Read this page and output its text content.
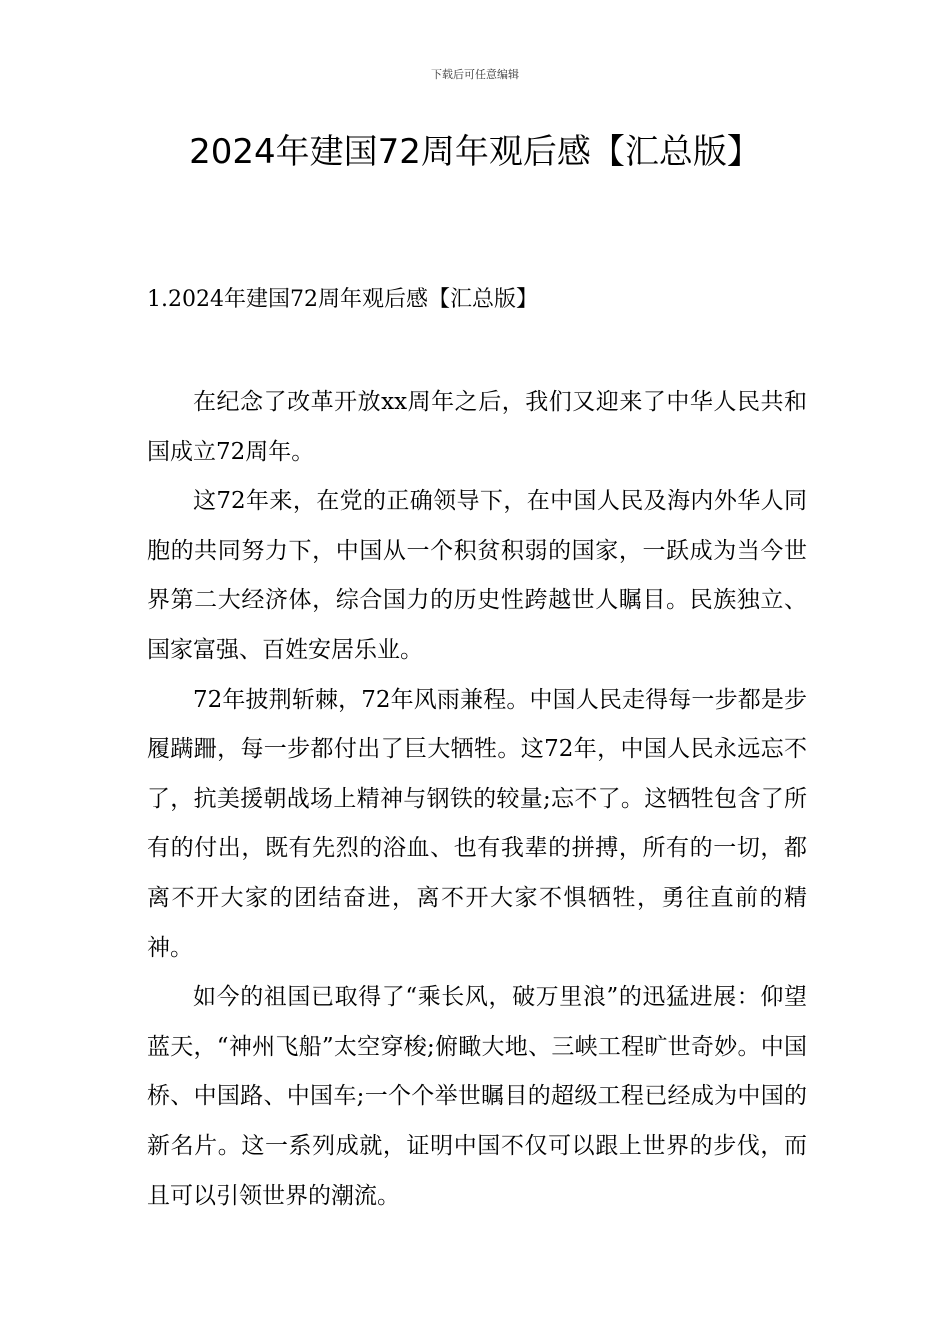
下载后可任意编辑
2024年建国72周年观后感【汇总版】
1.2024年建国72周年观后感【汇总版】

在纪念了改革开放xx周年之后，我们又迎来了中华人民共和国成立72周年。

这72年来，在党的正确领导下，在中国人民及海内外华人同胞的共同努力下，中国从一个积贫积弱的国家，一跃成为当今世界第二大经济体，综合国力的历史性跨越世人瞩目。民族独立、国家富强、百姓安居乐业。

72年披荆斩棘，72年风雨兼程。中国人民走得每一步都是步履蹒跚，每一步都付出了巨大牺牲。这72年，中国人民永远忘不了，抗美援朝战场上精神与钢铁的较量;忘不了。这牺牲包含了所有的付出，既有先烈的浴血、也有我辈的拼搏，所有的一切，都离不开大家的团结奋进，离不开大家不惧牺牲，勇往直前的精神。

如今的祖国已取得了“乘长风，破万里浪”的迅猛进展：仰望蓝天，“神州飞船”太空穿梭;俯瞰大地、三峡工程旷世奇妙。中国桥、中国路、中国车;一个个举世瞩目的超级工程已经成为中国的新名片。这一系列成就，证明中国不仅可以跟上世界的步伐，而且可以引领世界的潮流。
